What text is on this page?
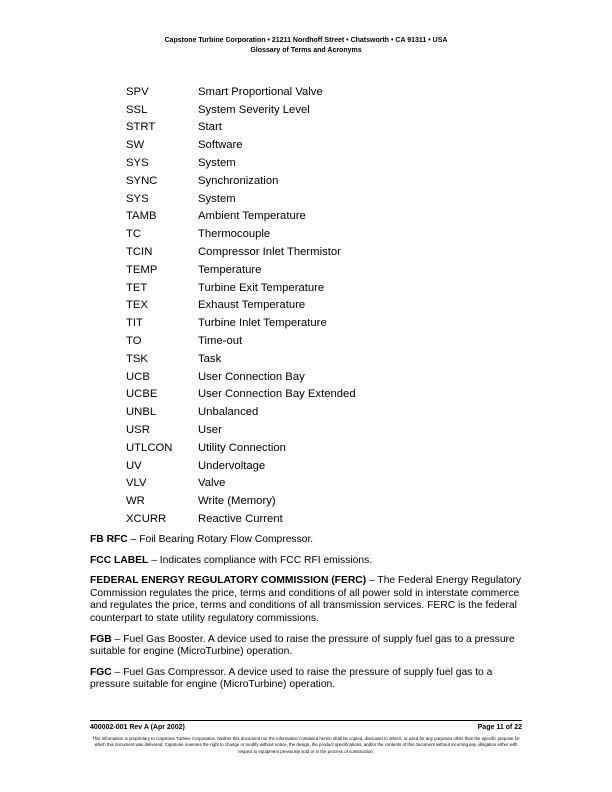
Capstone Turbine Corporation • 21211 Nordhoff Street • Chatsworth • CA 91311 • USA
Glossary of Terms and Acronyms
SPV	Smart Proportional Valve
SSL	System Severity Level
STRT	Start
SW	Software
SYS	System
SYNC	Synchronization
SYS	System
TAMB	Ambient Temperature
TC	Thermocouple
TCIN	Compressor Inlet Thermistor
TEMP	Temperature
TET	Turbine Exit Temperature
TEX	Exhaust Temperature
TIT	Turbine Inlet Temperature
TO	Time-out
TSK	Task
UCB	User Connection Bay
UCBE	User Connection Bay Extended
UNBL	Unbalanced
USR	User
UTLCON	Utility Connection
UV	Undervoltage
VLV	Valve
WR	Write (Memory)
XCURR	Reactive Current

FB RFC – Foil Bearing Rotary Flow Compressor.

FCC LABEL – Indicates compliance with FCC RFI emissions.

FEDERAL ENERGY REGULATORY COMMISSION (FERC) – The Federal Energy Regulatory Commission regulates the price, terms and conditions of all power sold in interstate commerce and regulates the price, terms and conditions of all transmission services. FERC is the federal counterpart to state utility regulatory commissions.

FGB – Fuel Gas Booster. A device used to raise the pressure of supply fuel gas to a pressure suitable for engine (MicroTurbine) operation.

FGC – Fuel Gas Compressor. A device used to raise the pressure of supply fuel gas to a pressure suitable for engine (MicroTurbine) operation.

400002-001 Rev A (Apr 2002)	Page 11 of 22
This information is proprietary to Capstone Turbine Corporation. Neither this document nor the information contained herein shall be copied, disclosed to others, or used for any purposes other than the specific purpose for which this document was delivered. Capstone reserves the right to change or modify without notice, the design, the product specifications, and/or the contents of this document without incurring any obligation either with respect to equipment previously sold or in the process of construction.
